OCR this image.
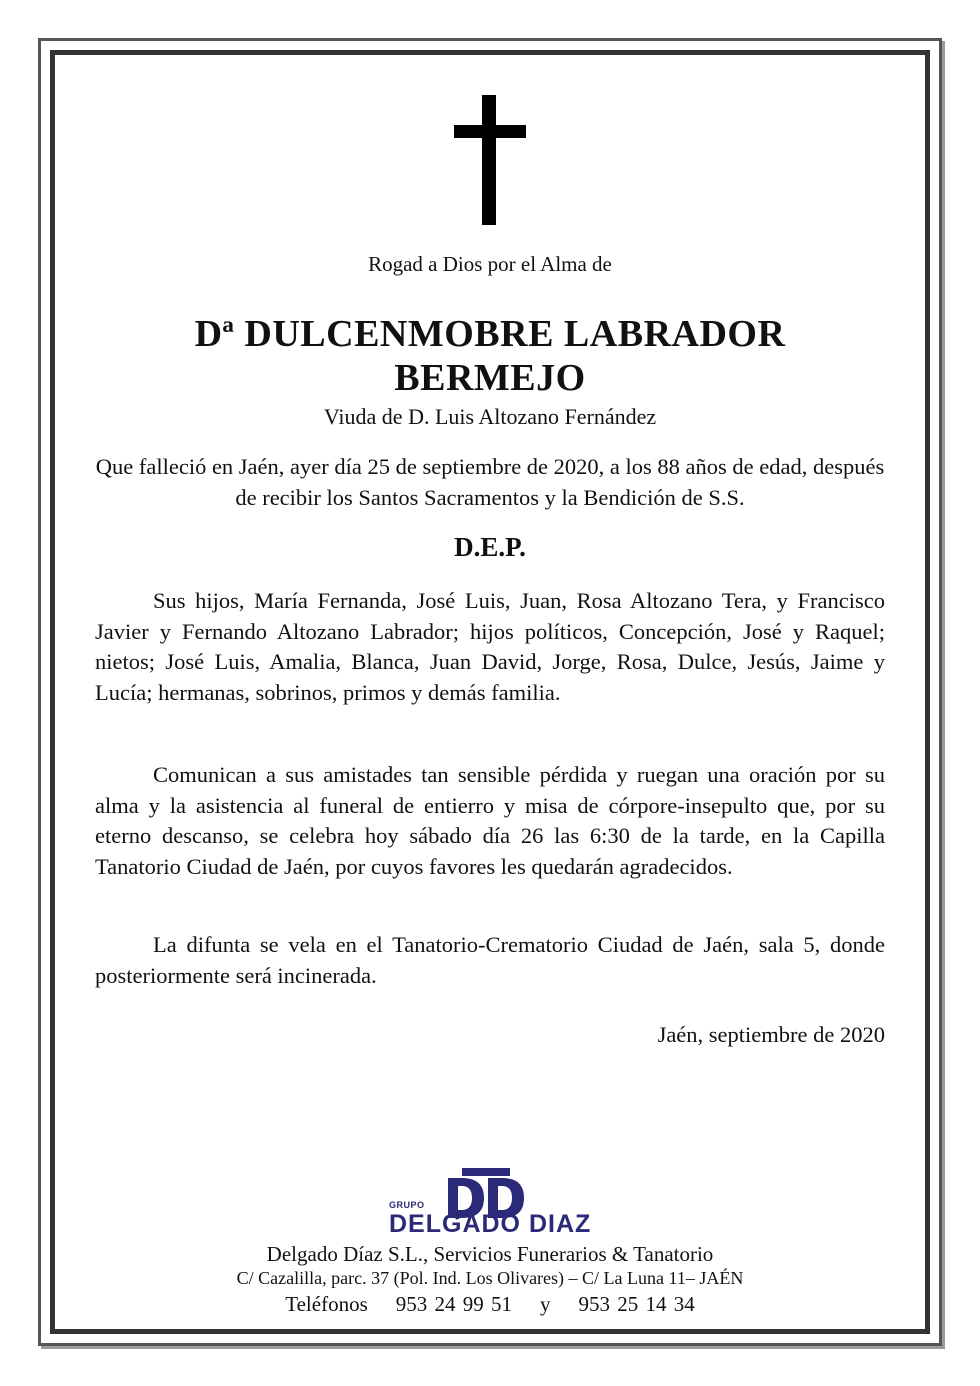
Rogad a Dios por el Alma de
Dª DULCENMOBRE LABRADOR
BERMEJO
Viuda de D. Luis Altozano Fernández

Que falleció en Jaén, ayer día 25 de septiembre de 2020, a los 88 años de edad, después de recibir los Santos Sacramentos y la Bendición de S.S.

D.E.P.

Sus hijos, María Fernanda, José Luis, Juan, Rosa Altozano Tera, y Francisco Javier y Fernando Altozano Labrador; hijos políticos, Concepción, José y Raquel; nietos; José Luis, Amalia, Blanca, Juan David, Jorge, Rosa, Dulce, Jesús, Jaime y Lucía; hermanas, sobrinos, primos y demás familia.

Comunican a sus amistades tan sensible pérdida y ruegan una oración por su alma y la asistencia al funeral de entierro y misa de córpore-insepulto que, por su eterno descanso, se celebra hoy sábado día 26 las 6:30 de la tarde, en la Capilla Tanatorio Ciudad de Jaén, por cuyos favores les quedarán agradecidos.

La difunta se vela en el Tanatorio-Crematorio Ciudad de Jaén, sala 5, donde posteriormente será incinerada.

Jaén, septiembre de 2020
GRUPO
DELGADO DIAZ
Delgado Díaz S.L., Servicios Funerarios & Tanatorio
C/ Cazalilla, parc. 37 (Pol. Ind. Los Olivares) – C/ La Luna 11– JAÉN
Teléfonos 953 24 99 51 y 953 25 14 34
